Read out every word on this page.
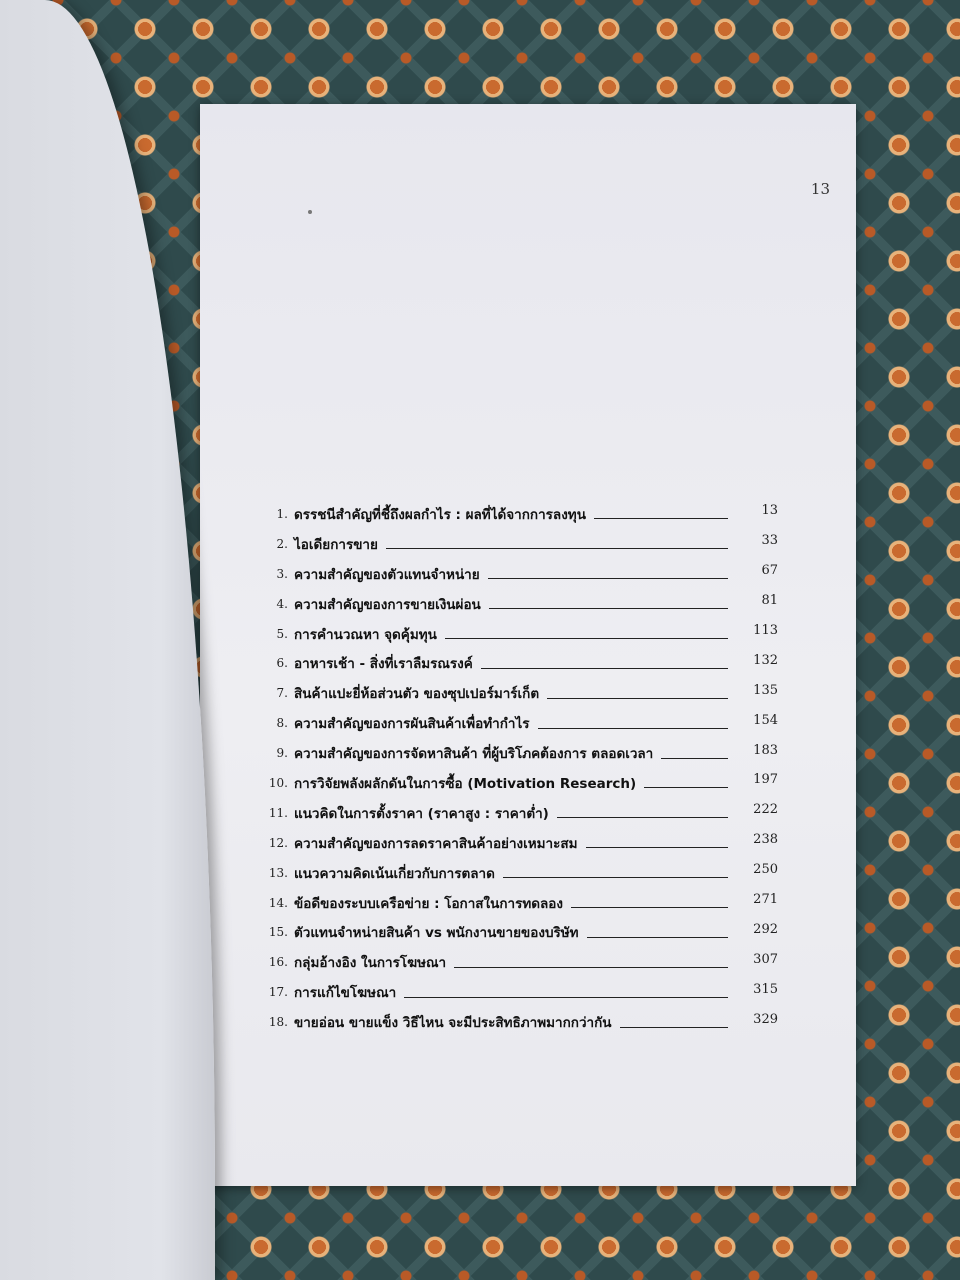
13
1. ดรรชนีสำคัญที่ชี้ถึงผลกำไร : ผลที่ได้จากการลงทุน	13
2. ไอเดียการขาย	33
3. ความสำคัญของตัวแทนจำหน่าย	67
4. ความสำคัญของการขายเงินผ่อน	81
5. การคำนวณหา จุดคุ้มทุน	113
6. อาหารเช้า - สิ่งที่เราลืมรณรงค์	132
7. สินค้าแปะยี่ห้อส่วนตัว ของซุปเปอร์มาร์เก็ต	135
8. ความสำคัญของการผันสินค้าเพื่อทำกำไร	154
9. ความสำคัญของการจัดหาสินค้า ที่ผู้บริโภคต้องการ ตลอดเวลา	183
10. การวิจัยพลังผลักดันในการซื้อ (Motivation Research)	197
11. แนวคิดในการตั้งราคา (ราคาสูง : ราคาต่ำ)	222
12. ความสำคัญของการลดราคาสินค้าอย่างเหมาะสม	238
13. แนวความคิดเน้นเกี่ยวกับการตลาด	250
14. ข้อดีของระบบเครือข่าย : โอกาสในการทดลอง	271
15. ตัวแทนจำหน่ายสินค้า vs พนักงานขายของบริษัท	292
16. กลุ่มอ้างอิง ในการโฆษณา	307
17. การแก้ไขโฆษณา	315
18. ขายอ่อน ขายแข็ง วิธีไหน จะมีประสิทธิภาพมากกว่ากัน	329
